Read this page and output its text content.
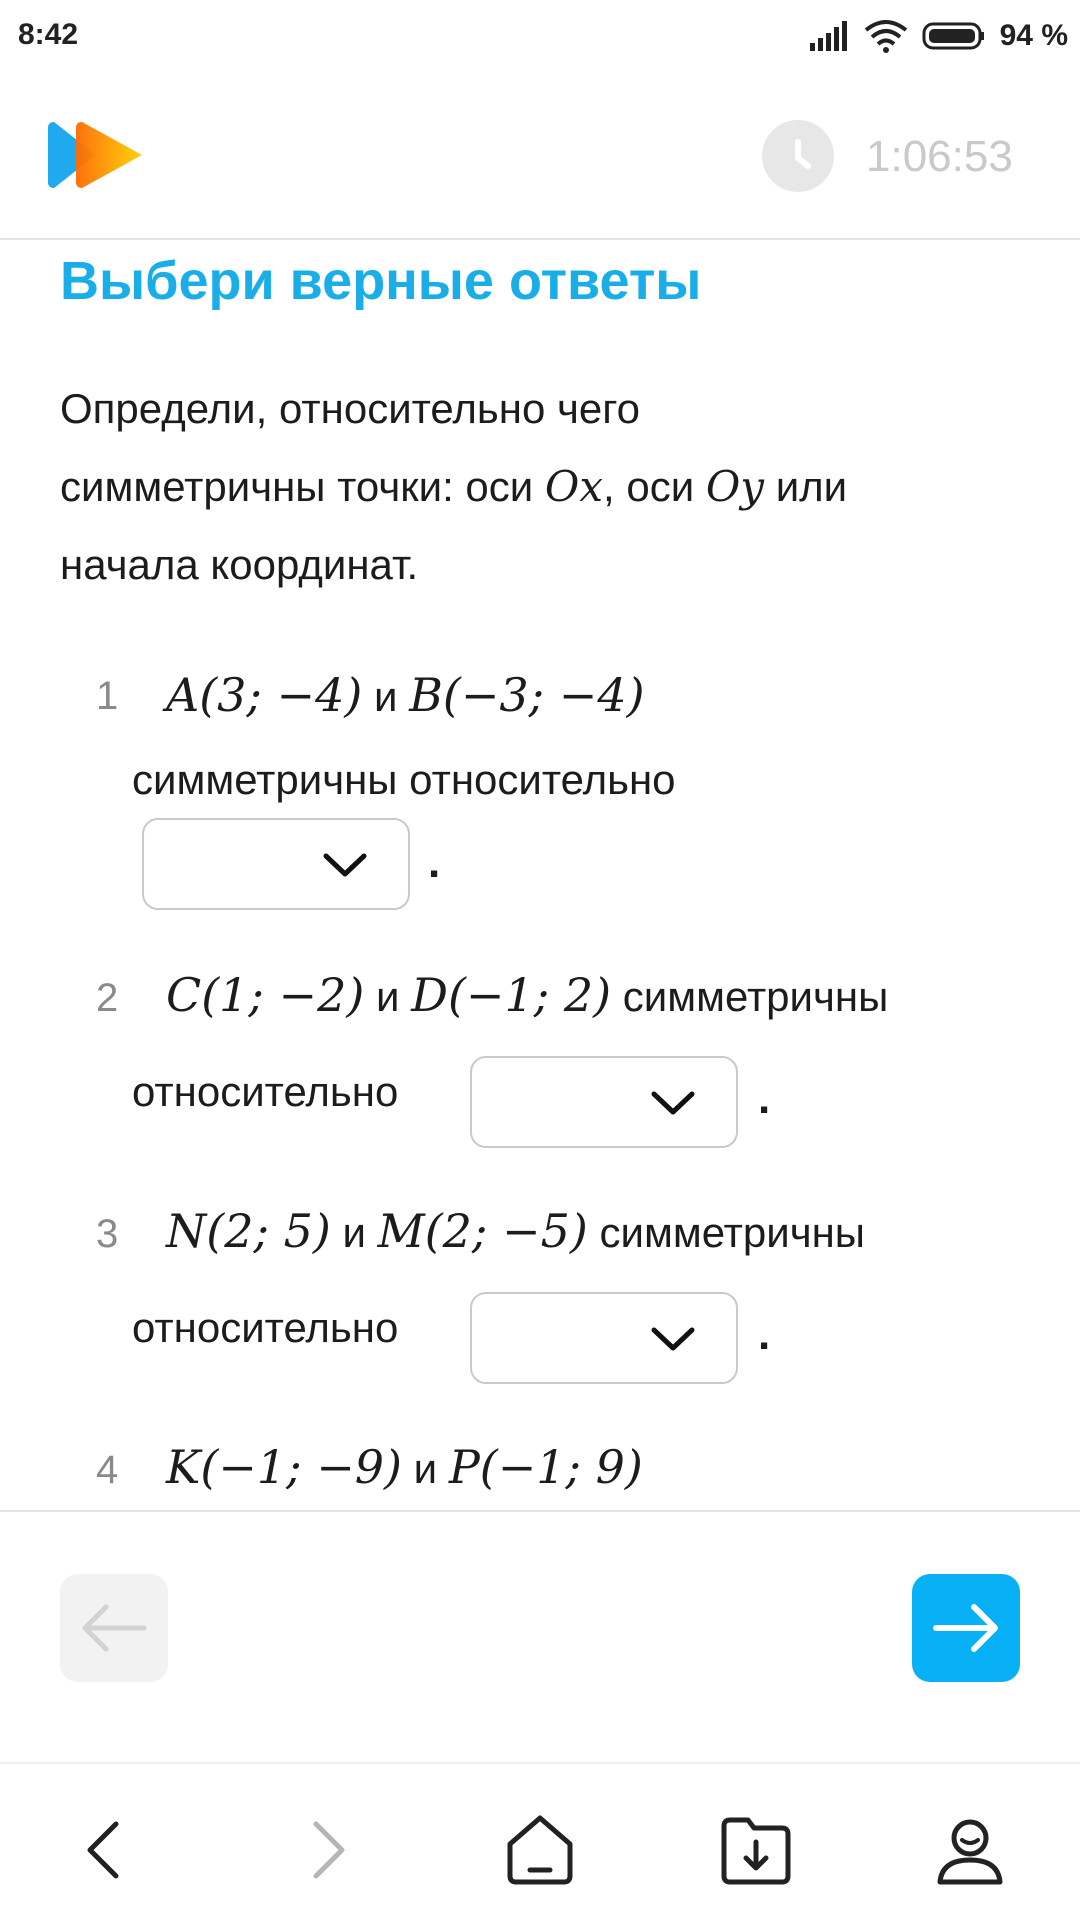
8:42	94 %
1:06:53
Выбери верные ответы
Определи, относительно чего
симметричны точки: оси Ox, оси Oy или
начала координат.
1 A(3; −4) и B(−3; −4)
симметричны относительно
.
2 C(1; −2) и D(−1; 2) симметричны
относительно	.
3 N(2; 5) и M(2; −5) симметричны
относительно	.
4 K(−1; −9) и P(−1; 9)
